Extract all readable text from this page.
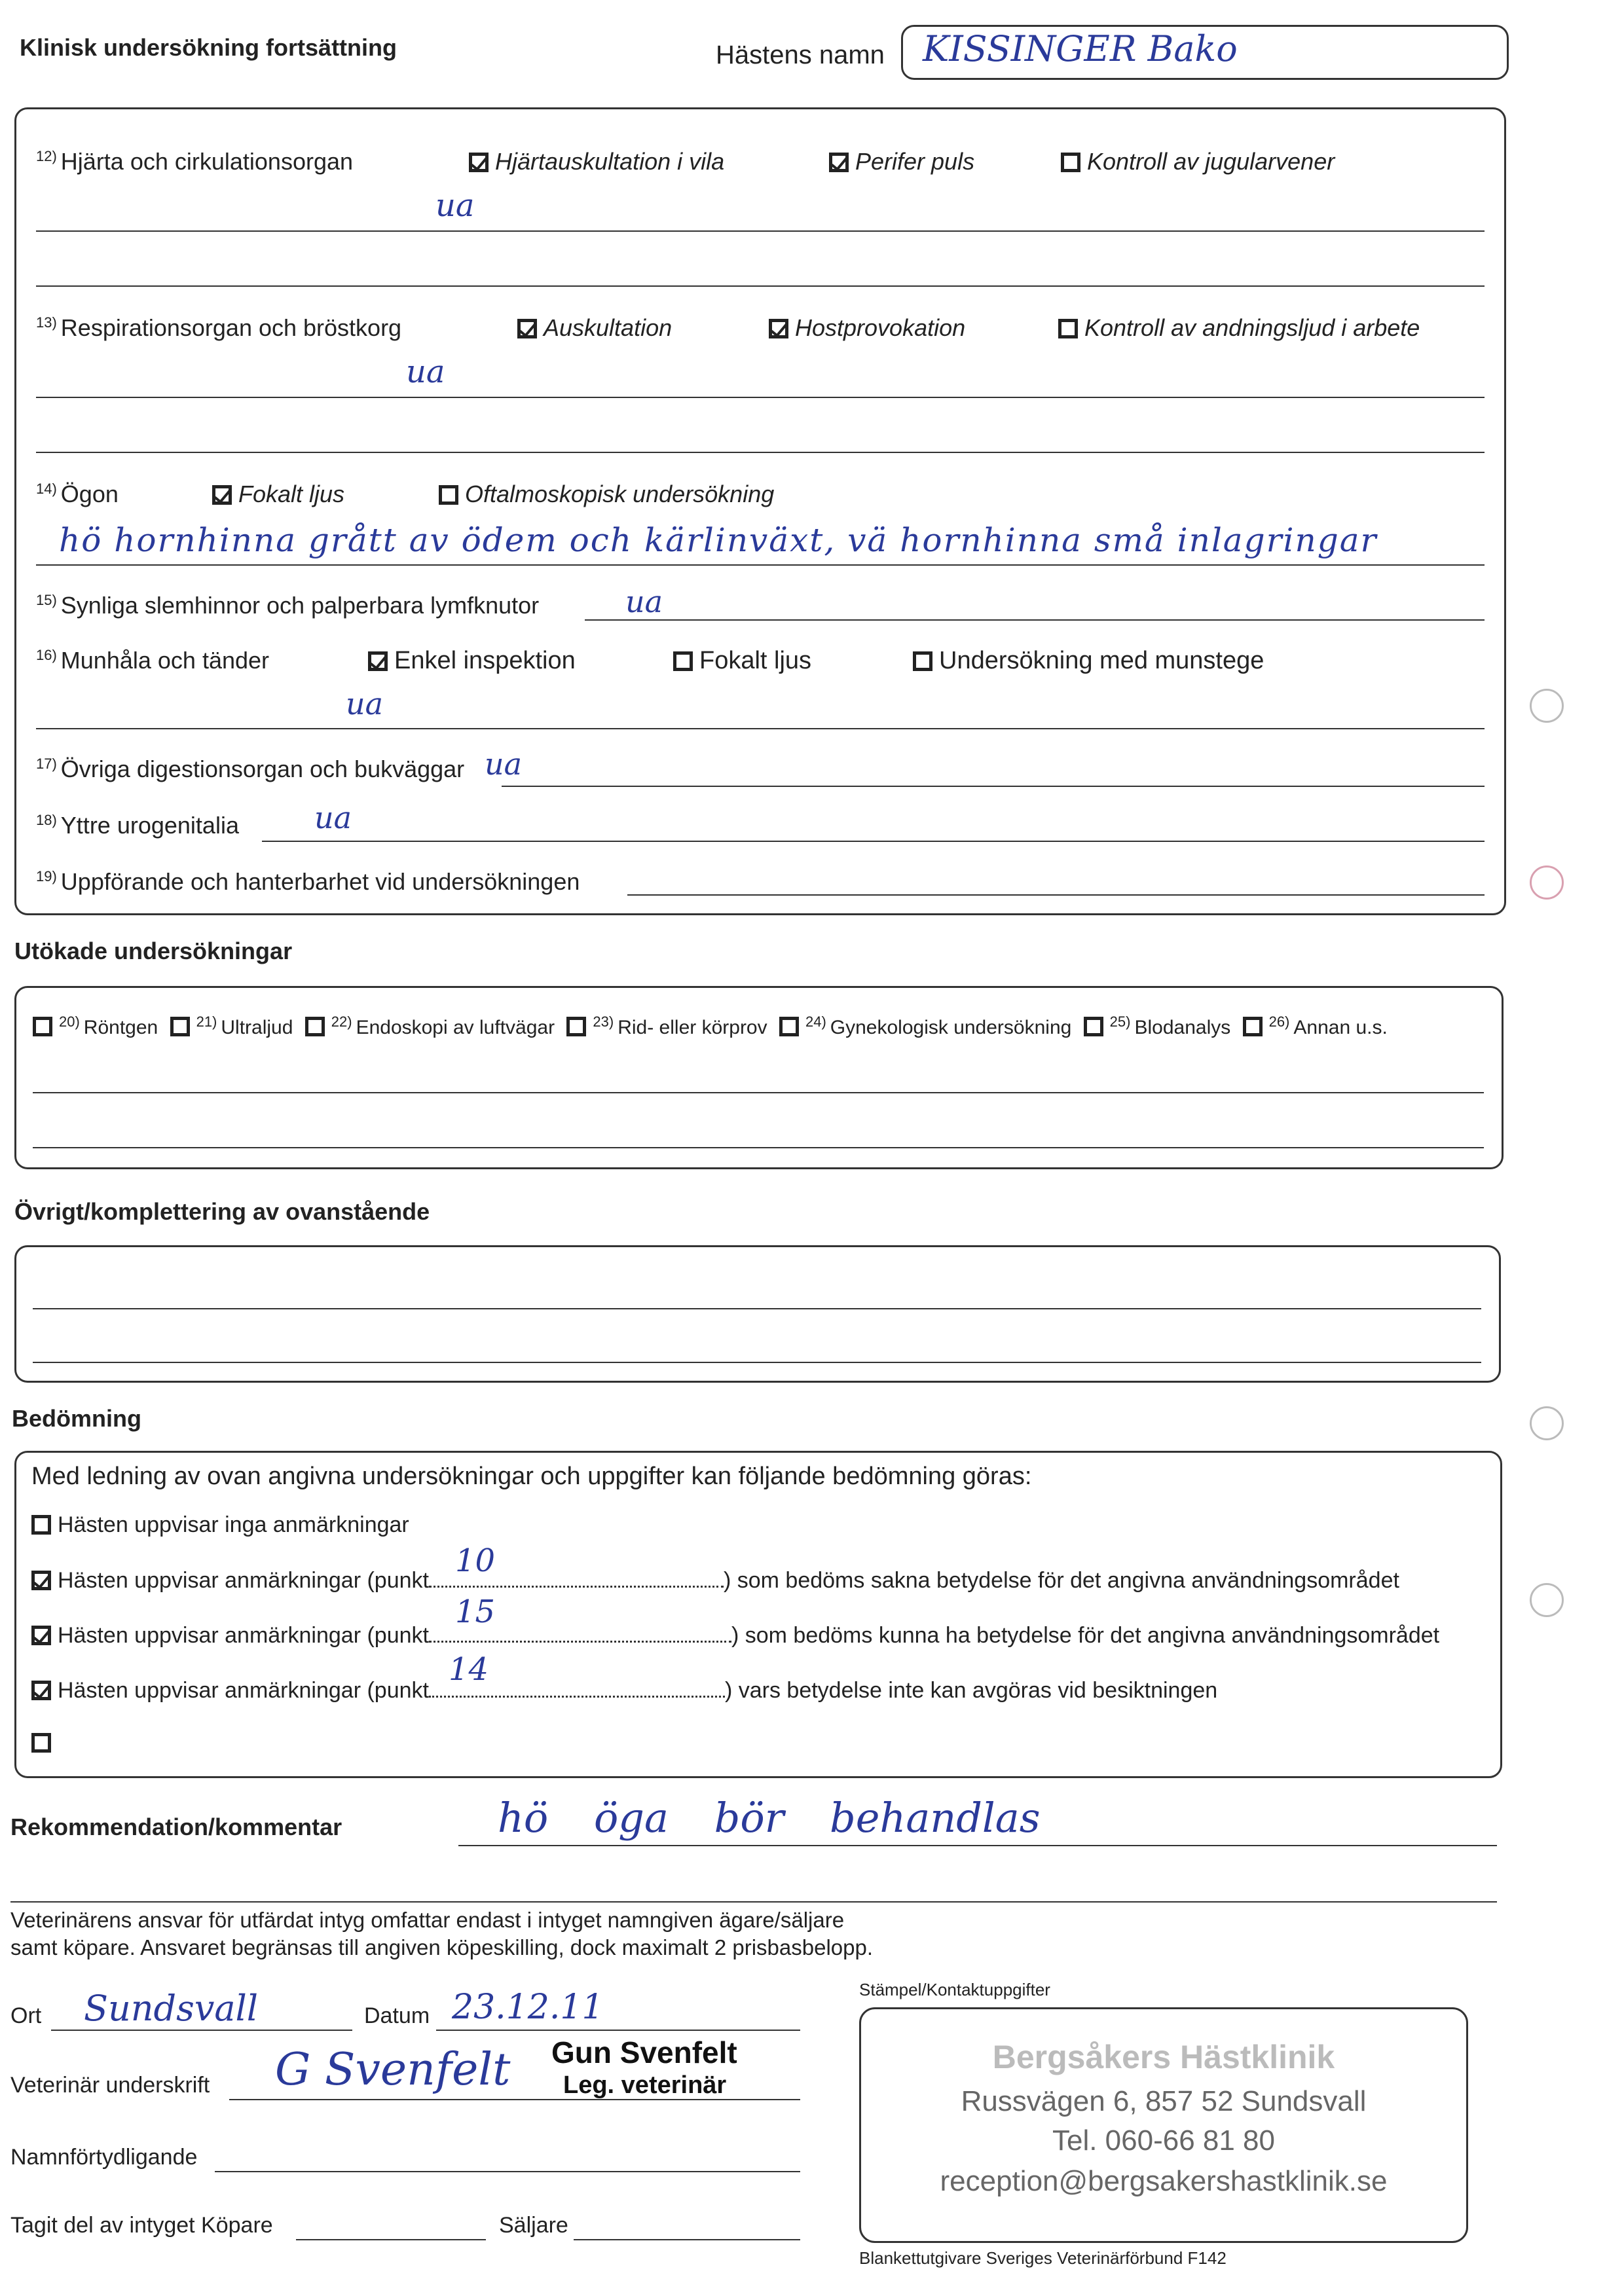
Klinisk undersökning fortsättning	Hästens namn KISSINGER Bako
$^{12)}$ Hjärta och cirkulationsorgan	Hjärtauskultation i vila	Perifer puls	Kontroll av jugularvener
ua
$^{13)}$ Respirationsorgan och bröstkorg	Auskultation	Hostprovokation	Kontroll av andningsljud i arbete
ua
$^{14)}$ Ögon	Fokalt ljus	Oftalmoskopisk undersökning
hö hornhinna grått av ödem och kärlinväxt, vä hornhinna små inlagringar
$^{15)}$ Synliga slemhinnor och palperbara lymfknutor	ua
$^{16)}$ Munhåla och tänder	Enkel inspektion	Fokalt ljus	Undersökning med munstege
ua
$^{17)}$ Övriga digestionsorgan och bukväggar ua
$^{18)}$ Yttre urogenitalia	ua
$^{19)}$ Uppförande och hanterbarhet vid undersökningen
Utökade undersökningar
$^{20)}$ Röntgen	$^{21)}$ Ultraljud	$^{22)}$ Endoskopi av luftvägar	$^{23)}$ Rid- eller körprov	$^{24)}$ Gynekologisk undersökning	$^{25)}$ Blodanalys	$^{26)}$ Annan u.s.
Övrigt/komplettering av ovanstående
Bedömning
Med ledning av ovan angivna undersökningar och uppgifter kan följande bedömning göras:
Hästen uppvisar inga anmärkningar
Hästen uppvisar anmärkningar (punkt
10
) som bedöms sakna betydelse för det angivna användningsområdet
Hästen uppvisar anmärkningar (punkt
15
) som bedöms kunna ha betydelse för det angivna användningsområdet
Hästen uppvisar anmärkningar (punkt
14
) vars betydelse inte kan avgöras vid besiktningen
Rekommendation/kommentar	hö öga bör behandlas
Veterinärens ansvar för utfärdat intyg omfattar endast i intyget namngiven ägare/säljare
samt köpare. Ansvaret begränsas till angiven köpeskilling, dock maximalt 2 prisbasbelopp.
Ort Sundsvall	Datum 23.12.11
Veterinär underskrift G Svenfelt Gun Svenfelt
Leg. veterinär
Namnförtydligande
Tagit del av intyget Köpare	Säljare
Stämpel/Kontaktuppgifter
Bergsåkers Hästklinik
Russvägen 6, 857 52 Sundsvall
Tel. 060-66 81 80
reception@bergsakershastklinik.se
Blankettutgivare Sveriges Veterinärförbund F142
